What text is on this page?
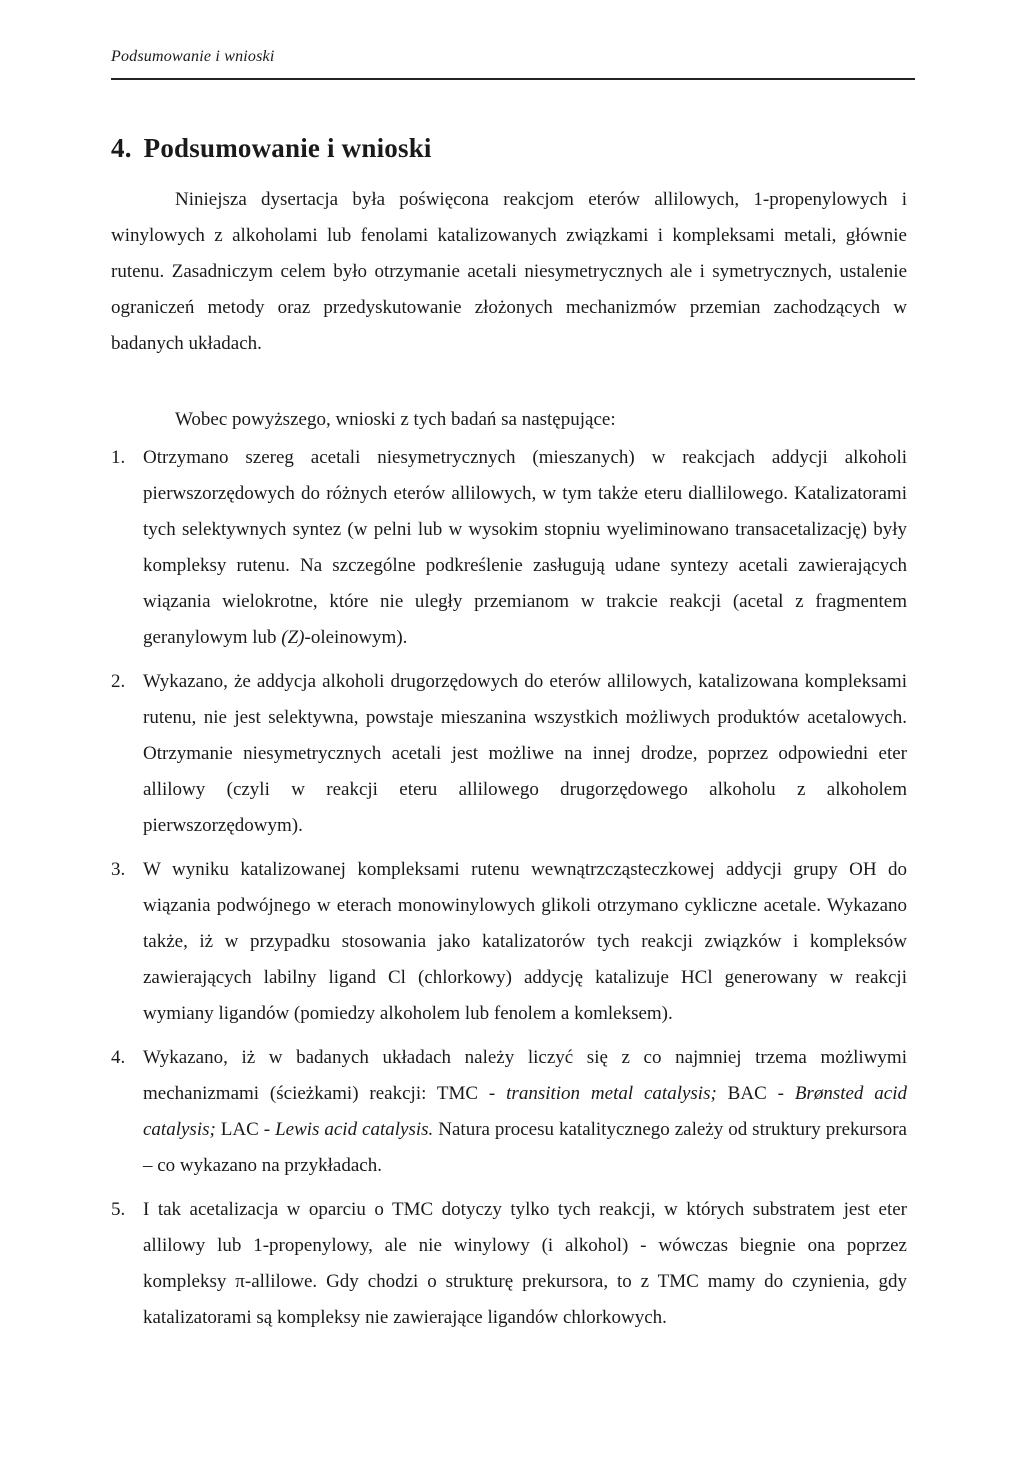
Podsumowanie i wnioski
4. Podsumowanie i wnioski

Niniejsza dysertacja była poświęcona reakcjom eterów allilowych, 1-propenylowych i winylowych z alkoholami lub fenolami katalizowanych związkami i kompleksami metali, głównie rutenu. Zasadniczym celem było otrzymanie acetali niesymetrycznych ale i symetrycznych, ustalenie ograniczeń metody oraz przedyskutowanie złożonych mechanizmów przemian zachodzących w badanych układach.

Wobec powyższego, wnioski z tych badań sa następujące:

1. Otrzymano szereg acetali niesymetrycznych (mieszanych) w reakcjach addycji alkoholi pierwszorzędowych do różnych eterów allilowych, w tym także eteru diallilowego. Katalizatorami tych selektywnych syntez (w pelni lub w wysokim stopniu wyeliminowano transacetalizację) były kompleksy rutenu. Na szczególne podkreślenie zasługują udane syntezy acetali zawierających wiązania wielokrotne, które nie uległy przemianom w trakcie reakcji (acetal z fragmentem geranylowym lub (Z)-oleinowym).
2. Wykazano, że addycja alkoholi drugorzędowych do eterów allilowych, katalizowana kompleksami rutenu, nie jest selektywna, powstaje mieszanina wszystkich możliwych produktów acetalowych. Otrzymanie niesymetrycznych acetali jest możliwe na innej drodze, poprzez odpowiedni eter allilowy (czyli w reakcji eteru allilowego drugorzędowego alkoholu z alkoholem pierwszorzędowym).
3. W wyniku katalizowanej kompleksami rutenu wewnątrzcząsteczkowej addycji grupy OH do wiązania podwójnego w eterach monowinylowych glikoli otrzymano cykliczne acetale. Wykazano także, iż w przypadku stosowania jako katalizatorów tych reakcji związków i kompleksów zawierających labilny ligand Cl (chlorkowy) addycję katalizuje HCl generowany w reakcji wymiany ligandów (pomiedzy alkoholem lub fenolem a komleksem).
4. Wykazano, iż w badanych układach należy liczyć się z co najmniej trzema możliwymi mechanizmami (ścieżkami) reakcji: TMC - transition metal catalysis; BAC - Brønsted acid catalysis; LAC - Lewis acid catalysis. Natura procesu katalitycznego zależy od struktury prekursora – co wykazano na przykładach.
5. I tak acetalizacja w oparciu o TMC dotyczy tylko tych reakcji, w których substratem jest eter allilowy lub 1-propenylowy, ale nie winylowy (i alkohol) - wówczas biegnie ona poprzez kompleksy π-allilowe. Gdy chodzi o strukturę prekursora, to z TMC mamy do czynienia, gdy katalizatorami są kompleksy nie zawierające ligandów chlorkowych.
